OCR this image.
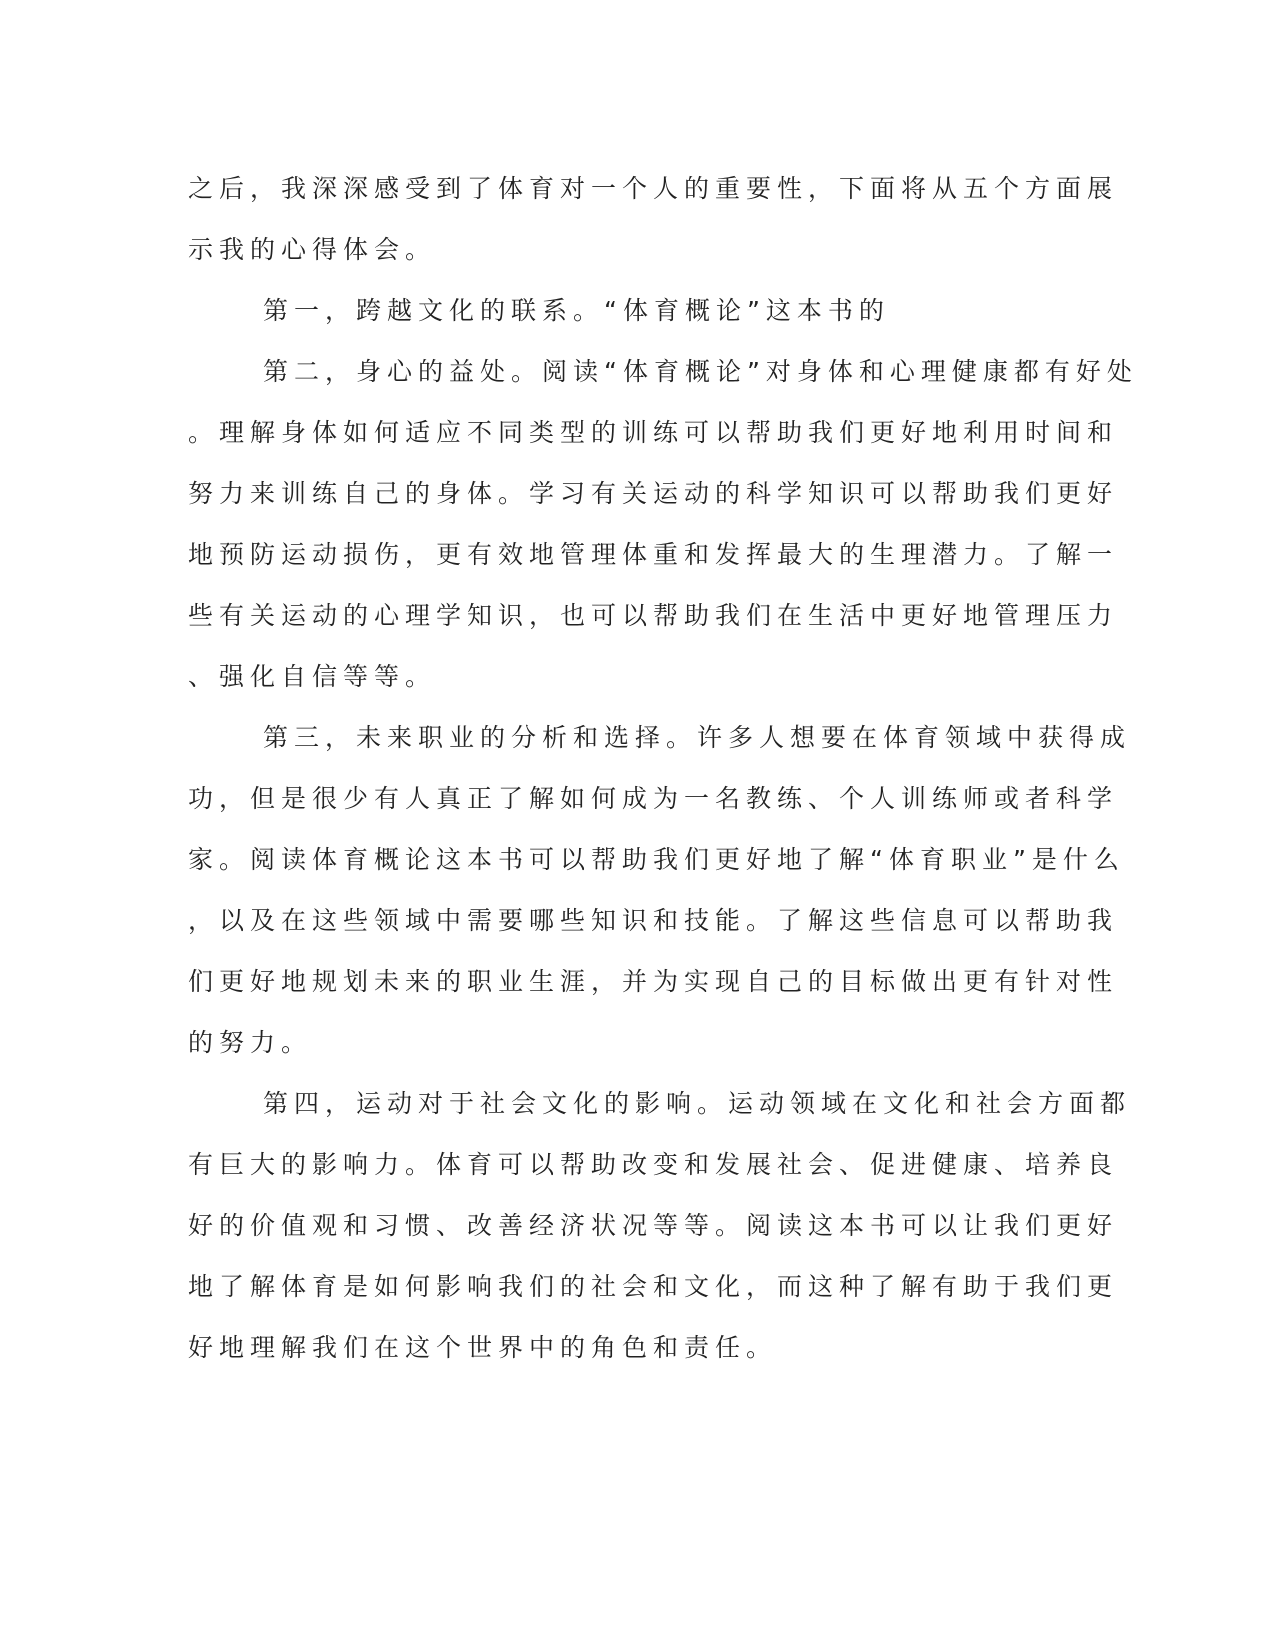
之后，我深深感受到了体育对一个人的重要性，下面将从五个方面展
示我的心得体会。
第一，跨越文化的联系。“体育概论”这本书的
第二，身心的益处。阅读“体育概论”对身体和心理健康都有好处
。理解身体如何适应不同类型的训练可以帮助我们更好地利用时间和
努力来训练自己的身体。学习有关运动的科学知识可以帮助我们更好
地预防运动损伤，更有效地管理体重和发挥最大的生理潜力。了解一
些有关运动的心理学知识，也可以帮助我们在生活中更好地管理压力
、强化自信等等。
第三，未来职业的分析和选择。许多人想要在体育领域中获得成
功，但是很少有人真正了解如何成为一名教练、个人训练师或者科学
家。阅读体育概论这本书可以帮助我们更好地了解“体育职业”是什么
，以及在这些领域中需要哪些知识和技能。了解这些信息可以帮助我
们更好地规划未来的职业生涯，并为实现自己的目标做出更有针对性
的努力。
第四，运动对于社会文化的影响。运动领域在文化和社会方面都
有巨大的影响力。体育可以帮助改变和发展社会、促进健康、培养良
好的价值观和习惯、改善经济状况等等。阅读这本书可以让我们更好
地了解体育是如何影响我们的社会和文化，而这种了解有助于我们更
好地理解我们在这个世界中的角色和责任。
